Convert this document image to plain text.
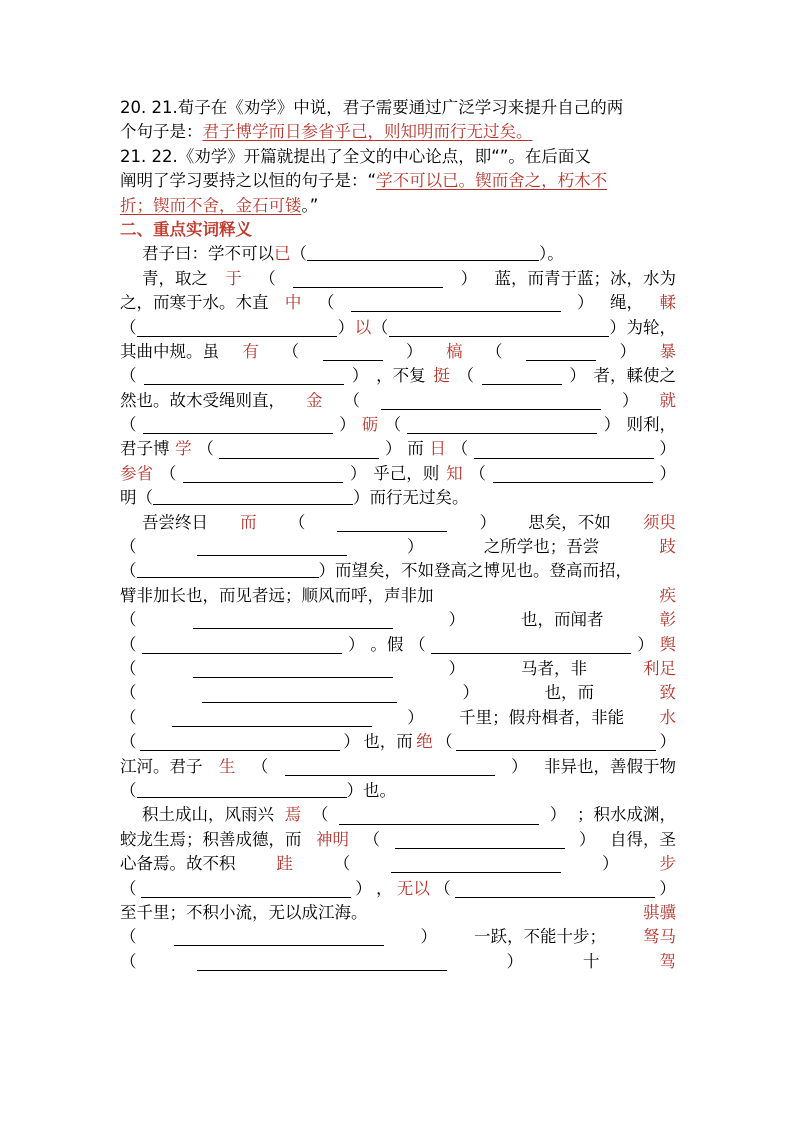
20. 21.荀子在《劝学》中说，君子需要通过广泛学习来提升自己的两
个句子是：君子博学而日参省乎己，则知明而行无过矣。
21. 22.《劝学》开篇就提出了全文的中心论点，即“”。在后面又
阐明了学习要持之以恒的句子是：“学不可以已。锲而舍之，朽木不
折；锲而不舍，金石可镂。”
二、重点实词释义
君子曰：学不可以已（	）。
青，取之 于 （	） 蓝，而青于蓝；冰，水为
之，而寒于水。木直 中 （	） 绳， 輮
（	） 以 （	） 为轮，
其曲中规。虽 有 （	） 槁 （	） 暴
（	） ，不复 挺 （	） 者，輮使之
然也。故木受绳则直， 金 （	） 就
（	） 砺 （	） 则利，
君子博 学 （	） 而 日 （	）
参省 （	） 乎己，则 知 （	）
明（	）而行无过矣。
吾尝终日 而 （	） 思矣，不如 须臾
（	）	之所学也；吾尝	跂
（	）而望矣，不如登高之博见也。登高而招，
臂非加长也，而见者远；顺风而呼，声非加	疾
（	）	也，而闻者	彰
（	） 。假 （	） 舆
（	）	马者，非	利足
（	）	也，而	致
（	） 千里；假舟楫者，非能 水
（	） 也，而 绝 （	）
江河。君子 生 （	） 非异也，善假于物
（	）也。
积土成山，风雨兴 焉 （	） ；积水成渊，
蛟龙生焉；积善成德，而 神明 （	） 自得，圣
心备焉。故不积 跬 （	） 步
（	） ， 无以 （	）
至千里；不积小流，无以成江海。	骐骥
（	） 一跃，不能十步； 驽马
（	）	十	驾
